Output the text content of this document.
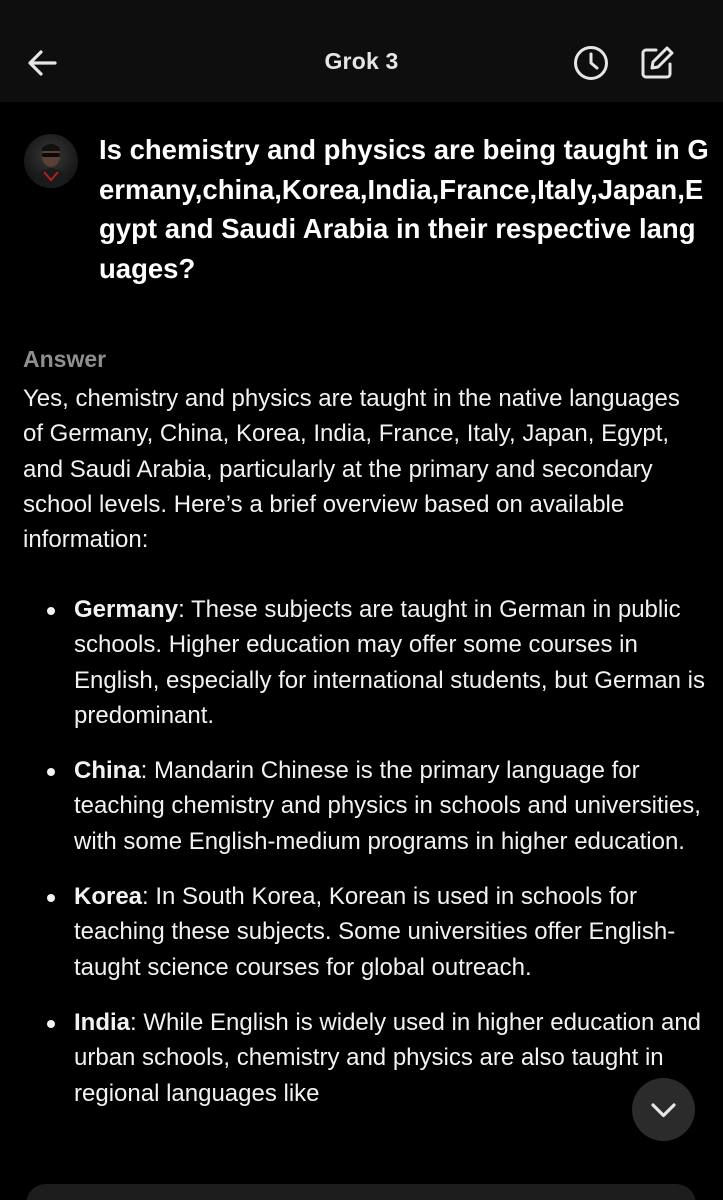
Grok 3
Is chemistry and physics are being taught in Germany,china,Korea,India,France,Italy,Japan,Egypt and Saudi Arabia in their respective languages?
Answer
Yes, chemistry and physics are taught in the native languages of Germany, China, Korea, India, France, Italy, Japan, Egypt, and Saudi Arabia, particularly at the primary and secondary school levels. Here’s a brief overview based on available information:
Germany: These subjects are taught in German in public schools. Higher education may offer some courses in English, especially for international students, but German is predominant.
China: Mandarin Chinese is the primary language for teaching chemistry and physics in schools and universities, with some English-medium programs in higher education.
Korea: In South Korea, Korean is used in schools for teaching these subjects. Some universities offer English-taught science courses for global outreach.
India: While English is widely used in higher education and urban schools, chemistry and physics are also taught in regional languages like
